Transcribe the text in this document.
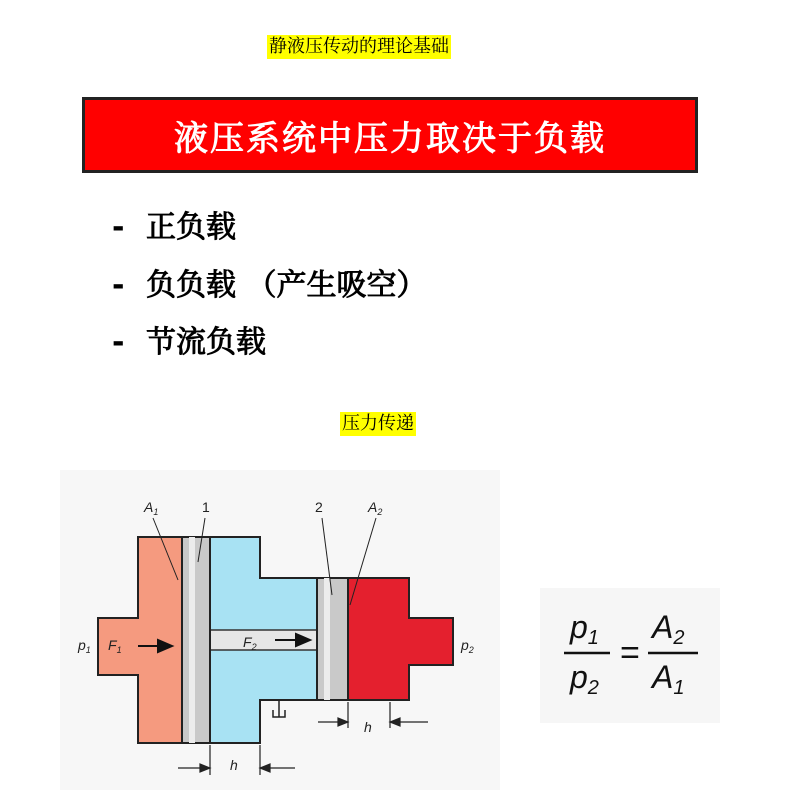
静液压传动的理论基础
液压系统中压力取决于负载
- 正负载
- 负负载 （产生吸空）
- 节流负载
压力传递
$A_1$	1	2	$A_2$
$p_1$ $F_1$	$F_2$	$p_2$
h
h
p1
p2
=
A2
A1
